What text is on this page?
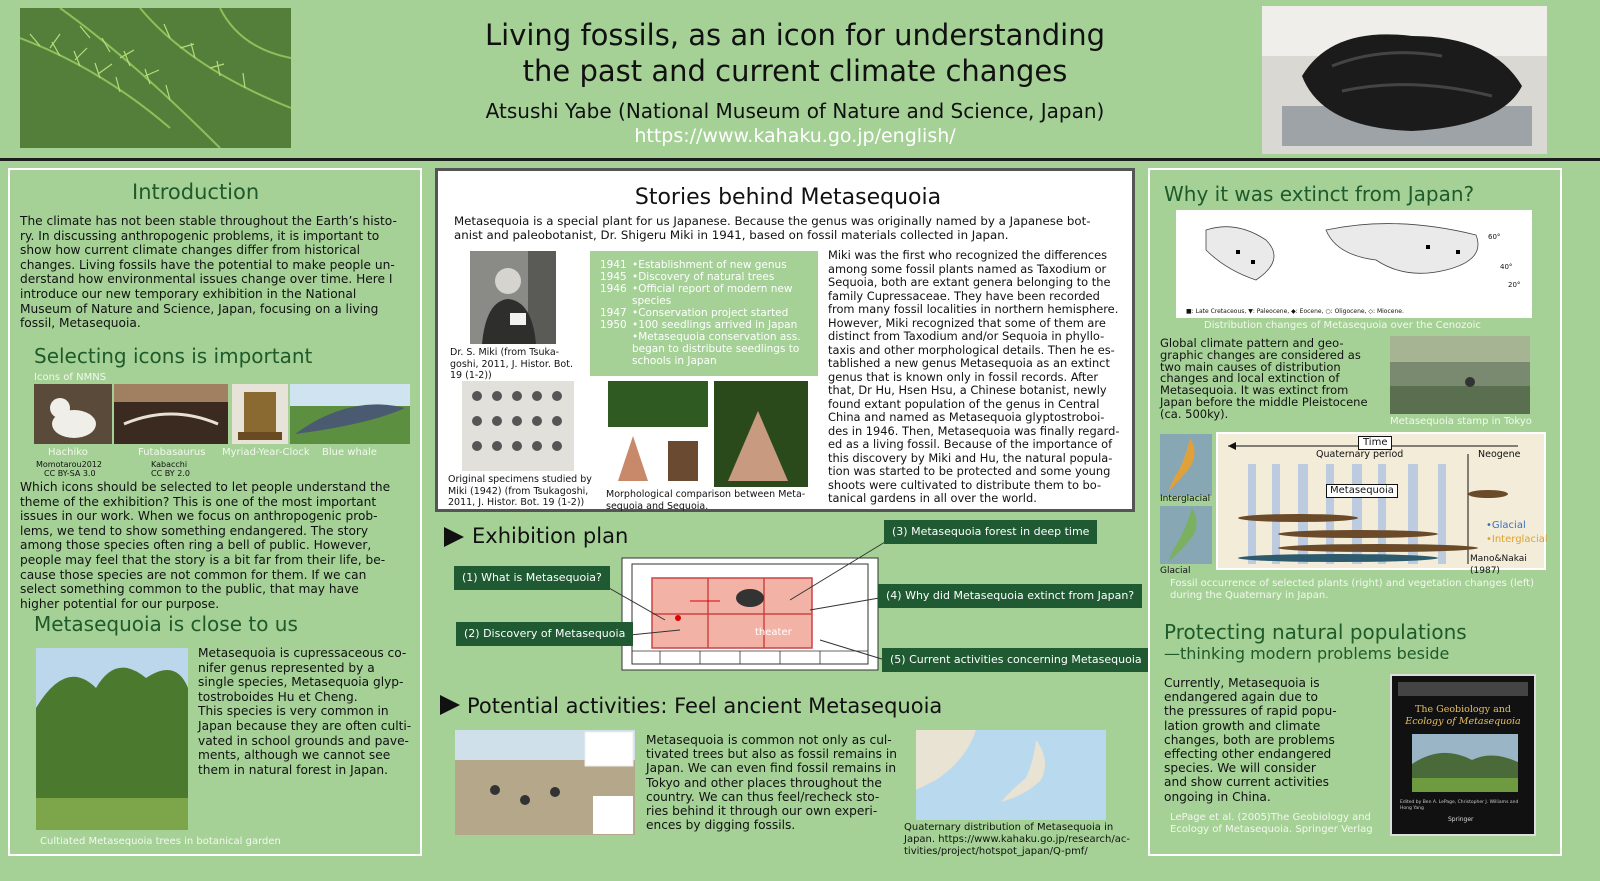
Living fossils, as an icon for understanding
the past and current climate changes
Atsushi Yabe (National Museum of Nature and Science, Japan)
https://www.kahaku.go.jp/english/
Introduction
The climate has not been stable throughout the Earth’s histo-
ry. In discussing anthropogenic problems, it is important to
show how current climate changes differ from historical
changes. Living fossils have the potential to make people un-
derstand how environmental issues change over time. Here I
introduce our new temporary exhibition in the National
Museum of Nature and Science, Japan, focusing on a living
fossil, Metasequoia.
Selecting icons is important
Icons of NMNS
Hachiko	Futabasaurus Myriad-Year-Clock Blue whale
Momotarou2012
CC BY-SA 3.0
Kabacchi
CC BY 2.0
Which icons should be selected to let people understand the
theme of the exhibition? This is one of the most important
issues in our work. When we focus on anthropogenic prob-
lems, we tend to show something endangered. The story
among those species often ring a bell of public. However,
people may feel that the story is a bit far from their life, be-
cause those species are not common for them. If we can
select something common to the public, that may have
higher potential for our purpose.
Metasequoia is close to us
Metasequoia is cupressaceous co-
nifer genus represented by a
single species, Metasequoia glyp-
tostroboides Hu et Cheng.
This species is very common in
Japan because they are often culti-
vated in school grounds and pave-
ments, although we cannot see
them in natural forest in Japan.
Cultiated Metasequoia trees in botanical garden
Stories behind Metasequoia
Metasequoia is a special plant for us Japanese. Because the genus was originally named by a Japanese bot-
anist and paleobotanist, Dr. Shigeru Miki in 1941, based on fossil materials collected in Japan.
Dr. S. Miki (from Tsuka-
goshi, 2011, J. Histor. Bot.
19 (1-2))
1941 •Establishment of new genus
1945 •Discovery of natural trees
1946 •Official report of modern new
species
1947 •Conservation project started
1950 •100 seedlings arrived in Japan
•Metasequoia conservation ass.
began to distribute seedlings to
schools in Japan
Original specimens studied by
Miki (1942) (from Tsukagoshi,
2011, J. Histor. Bot. 19 (1-2))
Morphological comparison between Meta-
sequoia and Sequoia.
Miki was the first who recognized the differences
among some fossil plants named as Taxodium or
Sequoia, both are extant genera belonging to the
family Cupressaceae. They have been recorded
from many fossil localities in northern hemisphere.
However, Miki recognized that some of them are
distinct from Taxodium and/or Sequoia in phyllo-
taxis and other morphological details. Then he es-
tablished a new genus Metasequoia as an extinct
genus that is known only in fossil records. After
that, Dr Hu, Hsen Hsu, a Chinese botanist, newly
found extant population of the genus in Central
China and named as Metasequoia glyptostroboi-
des in 1946. Then, Metasequoia was finally regard-
ed as a living fossil. Because of the importance of
this discovery by Miki and Hu, the natural popula-
tion was started to be protected and some young
shoots were cultivated to distribute them to bo-
tanical gardens in all over the world.
Exhibition plan
theater
(1) What is Metasequoia?
(2) Discovery of Metasequoia
(3) Metasequoia forest in deep time
(4) Why did Metasequoia extinct from Japan?
(5) Current activities concerning Metasequoia
Potential activities: Feel ancient Metasequoia
Metasequoia is common not only as cul-
tivated trees but also as fossil remains in
Japan. We can even find fossil remains in
Tokyo and other places throughout the
country. We can thus feel/recheck sto-
ries behind it through our own experi-
ences by digging fossils.	Quaternary distribution of Metasequoia in
Japan. https://www.kahaku.go.jp/research/ac-
tivities/project/hotspot_japan/Q-pmf/
Why it was extinct from Japan?
60°
40°
20°
■: Late Cretaceous, ▼: Paleocene, ◆: Eocene, ○: Oligocene, ◇: Miocene.
Distribution changes of Metasequoia over the Cenozoic
Global climate pattern and geo-
graphic changes are considered as
two main causes of distribution
changes and local extinction of
Metasequoia. It was extinct from
Japan before the middle Pleistocene
(ca. 500ky).
Metasequoia stamp in Tokyo
Interglacial
Glacial
Time
Quaternary period	Neogene
Metasequoia
•Glacial
•Interglacial
Mano&Nakai (1987)
Fossil occurrence of selected plants (right) and vegetation changes (left)
during the Quaternary in Japan.
Protecting natural populations
—thinking modern problems beside
Currently, Metasequoia is
endangered again due to
the pressures of rapid popu-
lation growth and climate
changes, both are problems
effecting other endangered
species. We will consider
and show current activities
ongoing in China.
The Geobiology and
Ecology of Metasequoia
Edited by Ben A. LePage, Christopher J. Williams and Hong Yang
Springer
LePage et al. (2005)The Geobiology and
Ecology of Metasequoia. Springer Verlag
